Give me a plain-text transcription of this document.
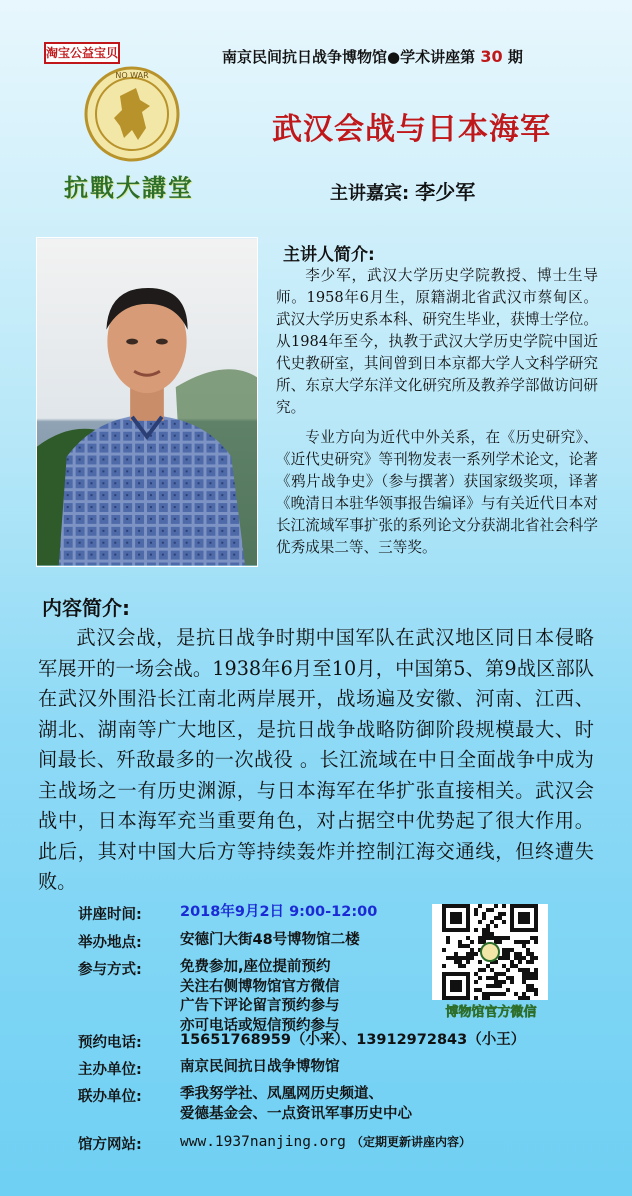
淘宝公益宝贝	南京民间抗日战争博物馆●学术讲座第 30 期
NO WAR
抗戰大講堂
武汉会战与日本海军
主讲嘉宾: 李少军
主讲人简介:

李少军，武汉大学历史学院教授、博士生导师。1958年6月生，原籍湖北省武汉市蔡甸区。武汉大学历史系本科、研究生毕业，获博士学位。从1984年至今，执教于武汉大学历史学院中国近代史教研室，其间曾到日本京都大学人文科学研究所、东京大学东洋文化研究所及教养学部做访问研究。

专业方向为近代中外关系，在《历史研究》、《近代史研究》等刊物发表一系列学术论文，论著《鸦片战争史》（参与撰著）获国家级奖项，译著《晚清日本驻华领事报告编译》与有关近代日本对长江流域军事扩张的系列论文分获湖北省社会科学优秀成果二等、三等奖。

内容简介:

武汉会战，是抗日战争时期中国军队在武汉地区同日本侵略军展开的一场会战。1938年6月至10月，中国第5、第9战区部队在武汉外围沿长江南北两岸展开，战场遍及安徽、河南、江西、湖北、湖南等广大地区，是抗日战争战略防御阶段规模最大、时间最长、歼敌最多的一次战役 。长江流域在中日全面战争中成为主战场之一有历史渊源，与日本海军在华扩张直接相关。武汉会战中，日本海军充当重要角色，对占据空中优势起了很大作用。此后，其对中国大后方等持续轰炸并控制江海交通线，但终遭失败。

讲座时间:	2018年9月2日 9:00-12:00
举办地点:	安德门大街48号博物馆二楼
参与方式:	免费参加,座位提前预约
关注右侧博物馆官方微信
广告下评论留言预约参与
亦可电话或短信预约参与
预约电话:	15651768959（小来）、13912972843（小王）
主办单位:	南京民间抗日战争博物馆
联办单位:	季我努学社、凤凰网历史频道、
爱德基金会、一点资讯军事历史中心
馆方网站:	www.1937nanjing.org （定期更新讲座内容）
博物馆官方微信
